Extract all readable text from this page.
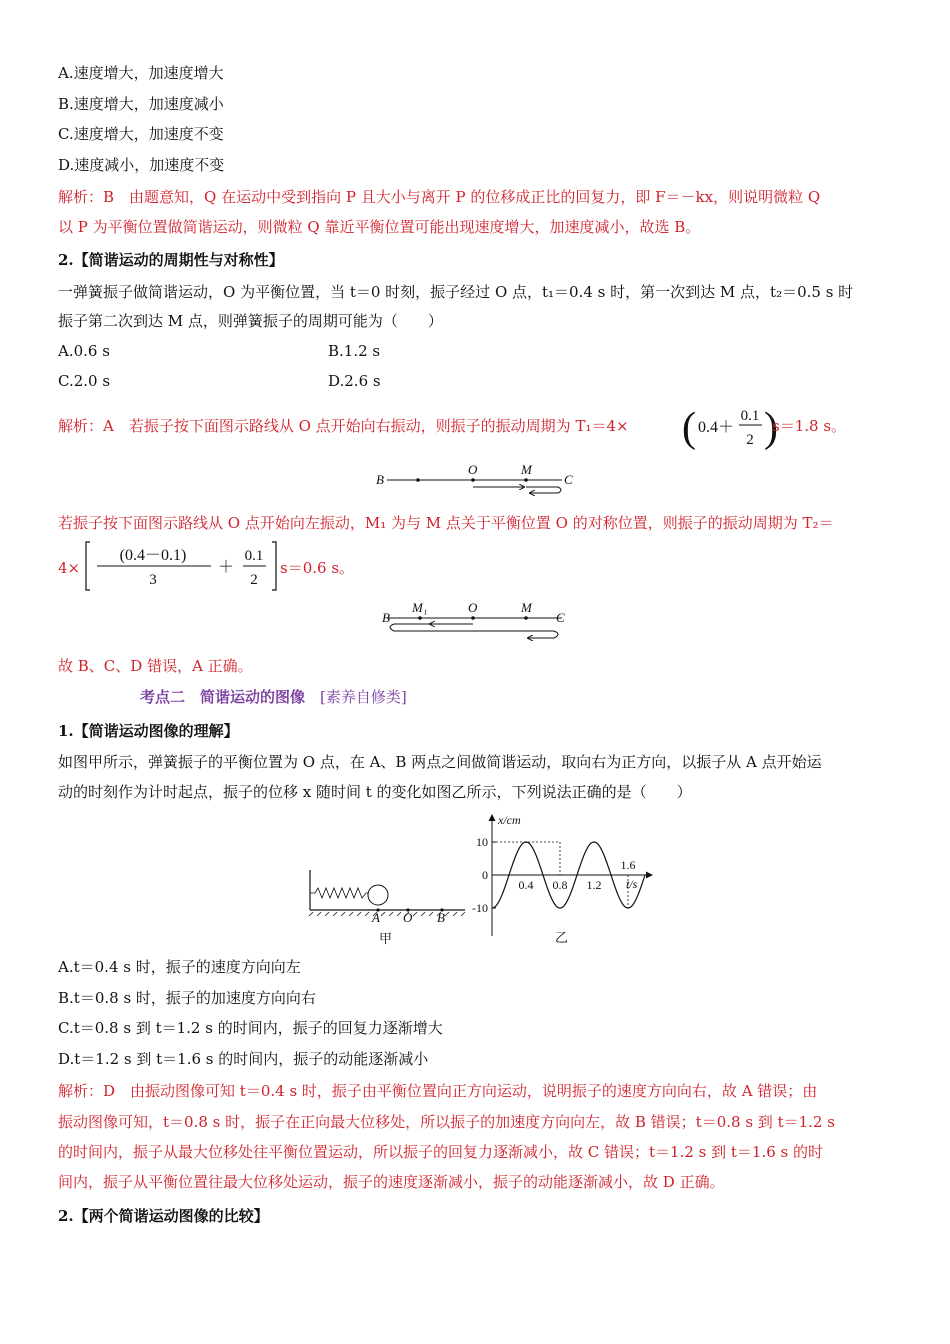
A.速度增大，加速度增大
B.速度增大，加速度减小
C.速度增大，加速度不变
D.速度减小，加速度不变
解析：B　由题意知，Q 在运动中受到指向 P 且大小与离开 P 的位移成正比的回复力，即 F＝－kx，则说明微粒 Q
以 P 为平衡位置做简谐运动，则微粒 Q 靠近平衡位置可能出现速度增大，加速度减小，故选 B。
2.【简谐运动的周期性与对称性】
一弹簧振子做简谐运动，O 为平衡位置，当 t＝0 时刻，振子经过 O 点，t₁＝0.4 s 时，第一次到达 M 点，t₂＝0.5 s 时
振子第二次到达 M 点，则弹簧振子的周期可能为（　　）
A.0.6 s	B.1.2 s
C.2.0 s	D.2.6 s
解析：A　若振子按下面图示路线从 O 点开始向右振动，则振子的振动周期为 T₁＝4× ( 0.4＋
0.1
2 )
s＝1.8 s。
B
O	M
C
若振子按下面图示路线从 O 点开始向左振动，M₁ 为与 M 点关于平衡位置 O 的对称位置，则振子的振动周期为 T₂＝
4×
(0.4－0.1)
3
＋
0.1
2
s＝0.6 s。
B
M₁	O	M
C
故 B、C、D 错误，A 正确。
考点二　简谐运动的图像　 [素养自修类]
1.【简谐运动图像的理解】
如图甲所示，弹簧振子的平衡位置为 O 点，在 A、B 两点之间做简谐运动，取向右为正方向，以振子从 A 点开始运
动的时刻作为计时起点，振子的位移 x 随时间 t 的变化如图乙所示，下列说法正确的是（　　）
A O B
甲
x/cm
t/s
10
0
-10
0.4 0.8 1.2
1.6
乙
A.t＝0.4 s 时，振子的速度方向向左
B.t＝0.8 s 时，振子的加速度方向向右
C.t＝0.8 s 到 t＝1.2 s 的时间内，振子的回复力逐渐增大
D.t＝1.2 s 到 t＝1.6 s 的时间内，振子的动能逐渐减小
解析：D　由振动图像可知 t＝0.4 s 时，振子由平衡位置向正方向运动，说明振子的速度方向向右，故 A 错误；由
振动图像可知，t＝0.8 s 时，振子在正向最大位移处，所以振子的加速度方向向左，故 B 错误；t＝0.8 s 到 t＝1.2 s
的时间内，振子从最大位移处往平衡位置运动，所以振子的回复力逐渐减小，故 C 错误；t＝1.2 s 到 t＝1.6 s 的时
间内，振子从平衡位置往最大位移处运动，振子的速度逐渐减小，振子的动能逐渐减小，故 D 正确。
2.【两个简谐运动图像的比较】
